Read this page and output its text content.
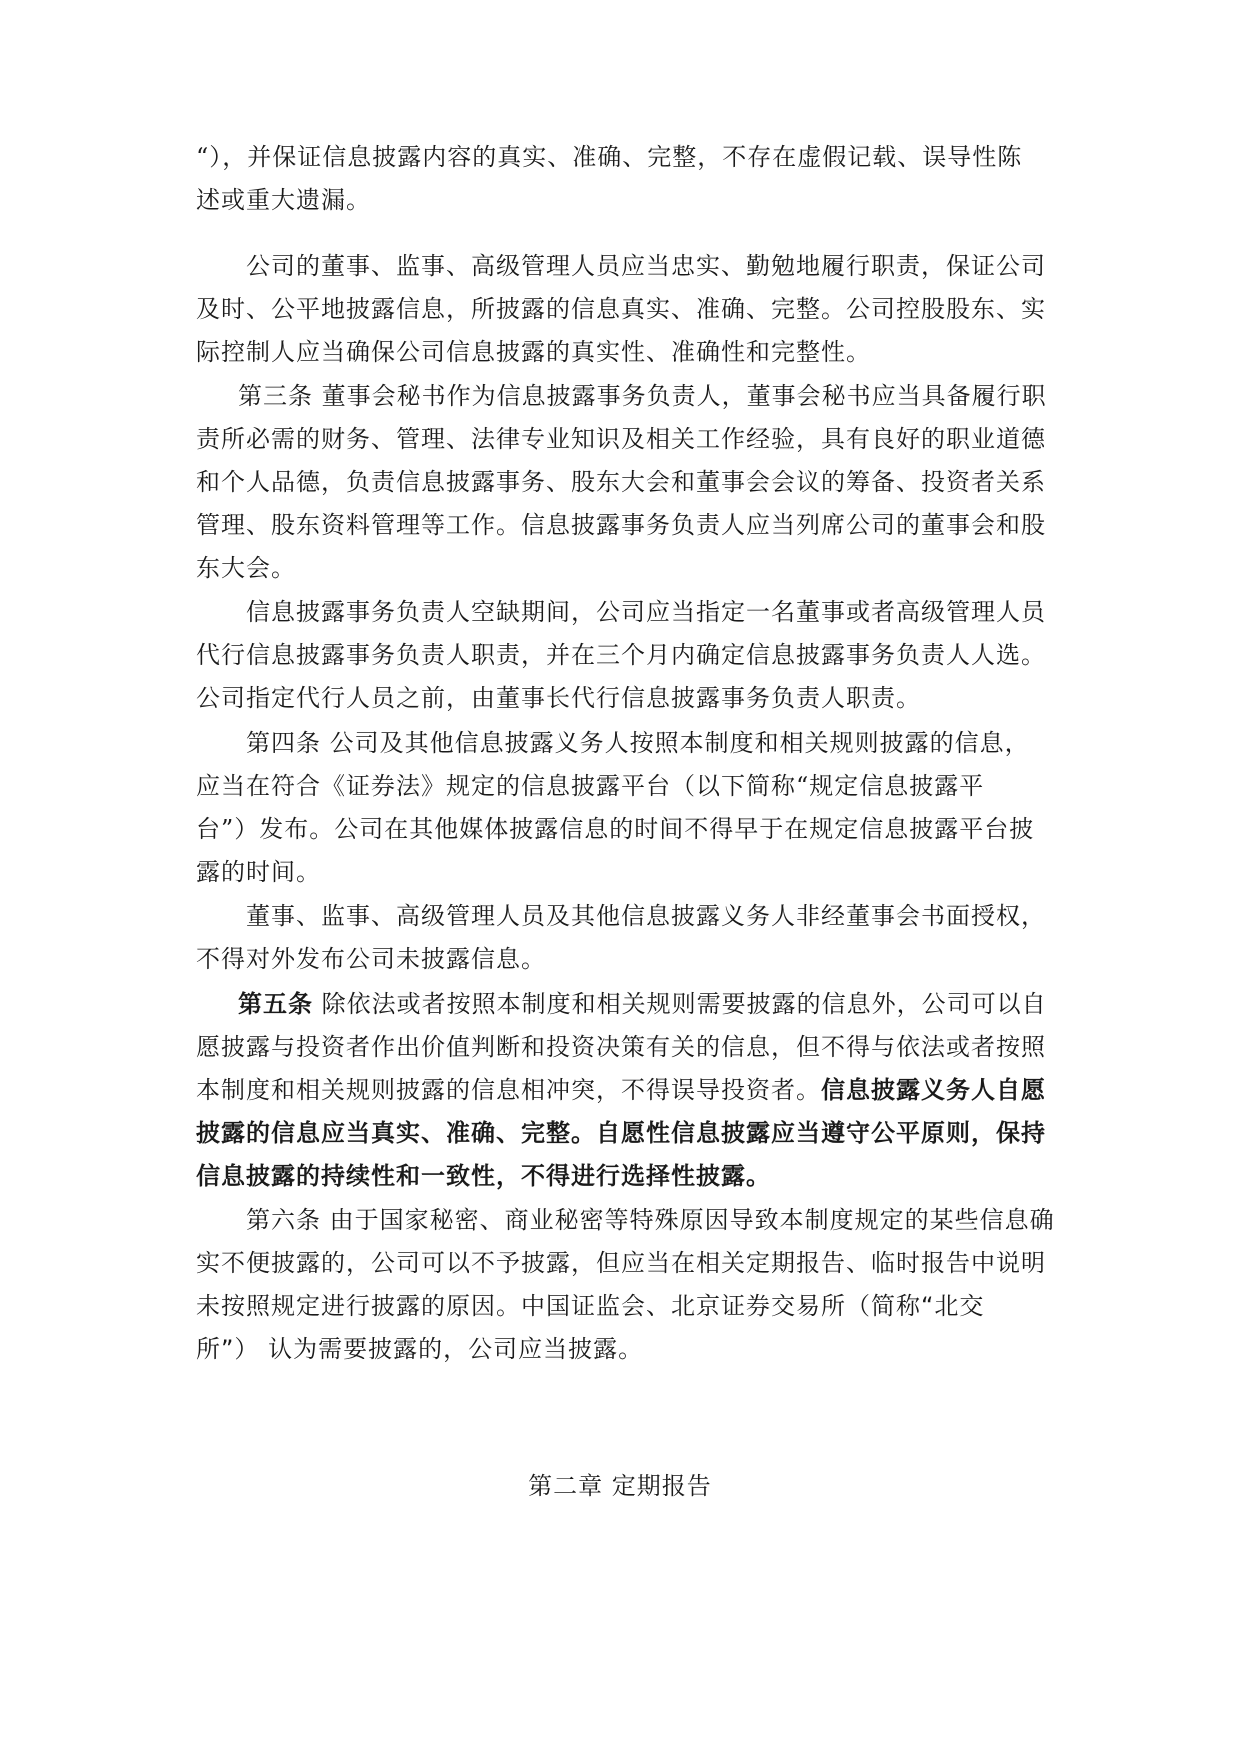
“），并保证信息披露内容的真实、准确、完整，不存在虚假记载、误导性陈
述或重大遗漏。
公司的董事、监事、高级管理人员应当忠实、勤勉地履行职责，保证公司
及时、公平地披露信息，所披露的信息真实、准确、完整。公司控股股东、实
际控制人应当确保公司信息披露的真实性、准确性和完整性。
第三条 董事会秘书作为信息披露事务负责人，董事会秘书应当具备履行职
责所必需的财务、管理、法律专业知识及相关工作经验，具有良好的职业道德
和个人品德，负责信息披露事务、股东大会和董事会会议的筹备、投资者关系
管理、股东资料管理等工作。信息披露事务负责人应当列席公司的董事会和股
东大会。
信息披露事务负责人空缺期间，公司应当指定一名董事或者高级管理人员
代行信息披露事务负责人职责，并在三个月内确定信息披露事务负责人人选。
公司指定代行人员之前，由董事长代行信息披露事务负责人职责。
第四条 公司及其他信息披露义务人按照本制度和相关规则披露的信息，
应当在符合《证券法》规定的信息披露平台（以下简称“规定信息披露平
台”）发布。公司在其他媒体披露信息的时间不得早于在规定信息披露平台披
露的时间。
董事、监事、高级管理人员及其他信息披露义务人非经董事会书面授权，
不得对外发布公司未披露信息。
第五条 除依法或者按照本制度和相关规则需要披露的信息外，公司可以自
愿披露与投资者作出价值判断和投资决策有关的信息，但不得与依法或者按照
本制度和相关规则披露的信息相冲突，不得误导投资者。信息披露义务人自愿
披露的信息应当真实、准确、完整。自愿性信息披露应当遵守公平原则，保持
信息披露的持续性和一致性，不得进行选择性披露。
第六条 由于国家秘密、商业秘密等特殊原因导致本制度规定的某些信息确
实不便披露的，公司可以不予披露，但应当在相关定期报告、临时报告中说明
未按照规定进行披露的原因。中国证监会、北京证券交易所（简称“北交
所”） 认为需要披露的，公司应当披露。
第二章 定期报告
